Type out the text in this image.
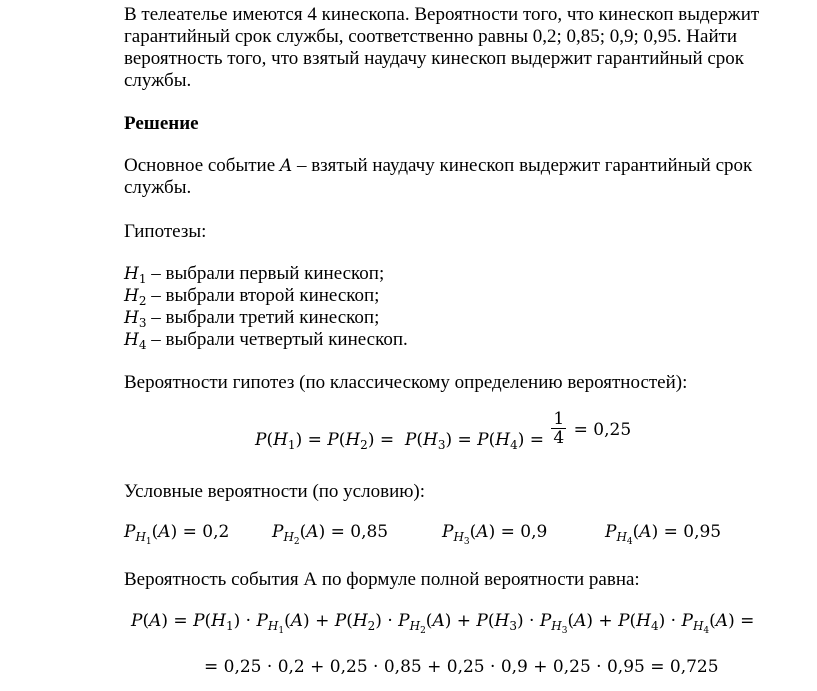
В телеательe имеются 4 кинескопа. Вероятности того, что кинескоп выдержит
гарантийный срок службы, соответственно равны 0,2; 0,85; 0,9; 0,95. Найти
вероятность того, что взятый наудачу кинескоп выдержит гарантийный срок
службы.
Решение
Основное событие A – взятый наудачу кинескоп выдержит гарантийный срок
службы.
Гипотезы:
$H_1$ – выбрали первый кинескоп;
$H_2$ – выбрали второй кинескоп;
$H_3$ – выбрали третий кинескоп;
$H_4$ – выбрали четвертый кинескоп.
Вероятности гипотез (по классическому определению вероятностей):
$P(H_1) = P(H_2) = P(H_3) = P(H_4) = \frac{1}{4} = 0,25$
Условные вероятности (по условию):
$P_{H_1}(A) = 0,2$	$P_{H_2}(A) = 0,85$	$P_{H_3}(A) = 0,9$	$P_{H_4}(A) = 0,95$
Вероятность события А по формуле полной вероятности равна:
$P(A) = P(H_1) \cdot P_{H_1}(A) + P(H_2) \cdot P_{H_2}(A) + P(H_3) \cdot P_{H_3}(A) + P(H_4) \cdot P_{H_4}(A)$ =
= 0,25 · 0,2 + 0,25 · 0,85 + 0,25 · 0,9 + 0,25 · 0,95 = 0,725
